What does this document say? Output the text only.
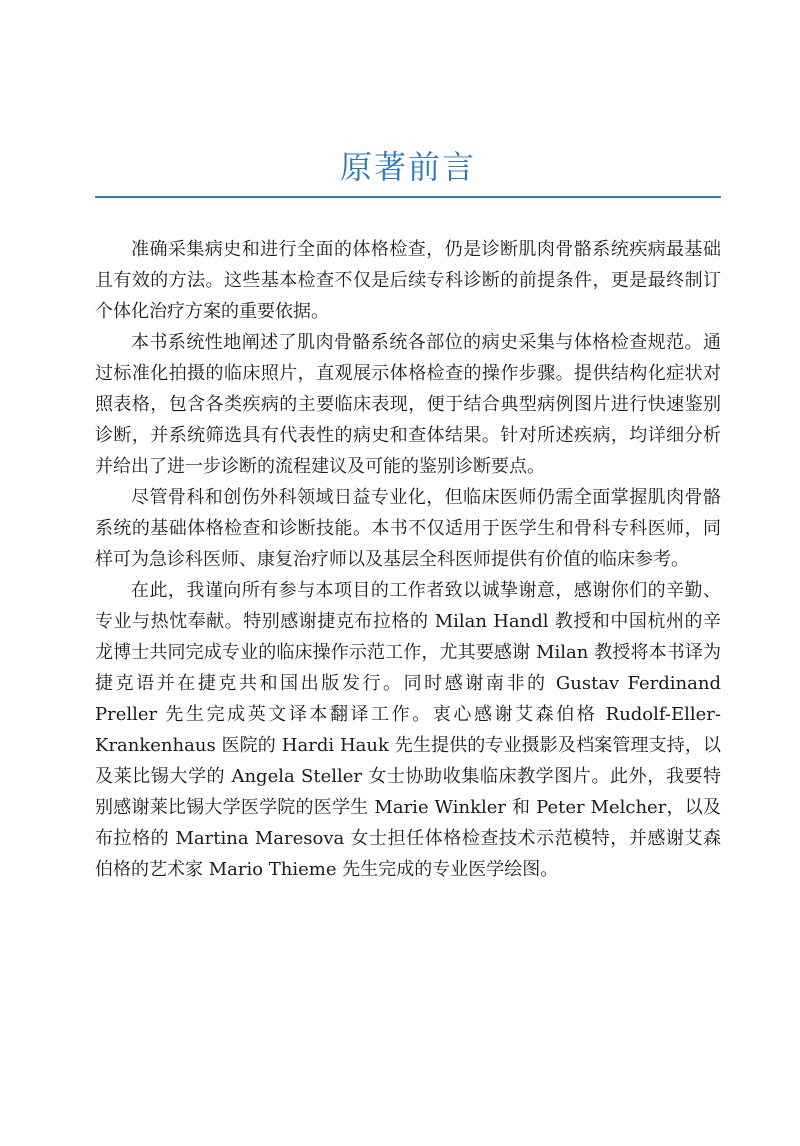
原著前言

准确采集病史和进行全面的体格检查，仍是诊断肌肉骨骼系统疾病最基础且有效的方法。这些基本检查不仅是后续专科诊断的前提条件，更是最终制订个体化治疗方案的重要依据。

本书系统性地阐述了肌肉骨骼系统各部位的病史采集与体格检查规范。通过标准化拍摄的临床照片，直观展示体格检查的操作步骤。提供结构化症状对照表格，包含各类疾病的主要临床表现，便于结合典型病例图片进行快速鉴别诊断，并系统筛选具有代表性的病史和查体结果。针对所述疾病，均详细分析并给出了进一步诊断的流程建议及可能的鉴别诊断要点。

尽管骨科和创伤外科领域日益专业化，但临床医师仍需全面掌握肌肉骨骼系统的基础体格检查和诊断技能。本书不仅适用于医学生和骨科专科医师，同样可为急诊科医师、康复治疗师以及基层全科医师提供有价值的临床参考。

在此，我谨向所有参与本项目的工作者致以诚挚谢意，感谢你们的辛勤、专业与热忱奉献。特别感谢捷克布拉格的 Milan Handl 教授和中国杭州的辛龙博士共同完成专业的临床操作示范工作，尤其要感谢 Milan 教授将本书译为捷克语并在捷克共和国出版发行。同时感谢南非的 Gustav Ferdinand Preller 先生完成英文译本翻译工作。衷心感谢艾森伯格 Rudolf-Eller-Krankenhaus 医院的 Hardi Hauk 先生提供的专业摄影及档案管理支持，以及莱比锡大学的 Angela Steller 女士协助收集临床教学图片。此外，我要特别感谢莱比锡大学医学院的医学生 Marie Winkler 和 Peter Melcher，以及布拉格的 Martina Maresova 女士担任体格检查技术示范模特，并感谢艾森伯格的艺术家 Mario Thieme 先生完成的专业医学绘图。
